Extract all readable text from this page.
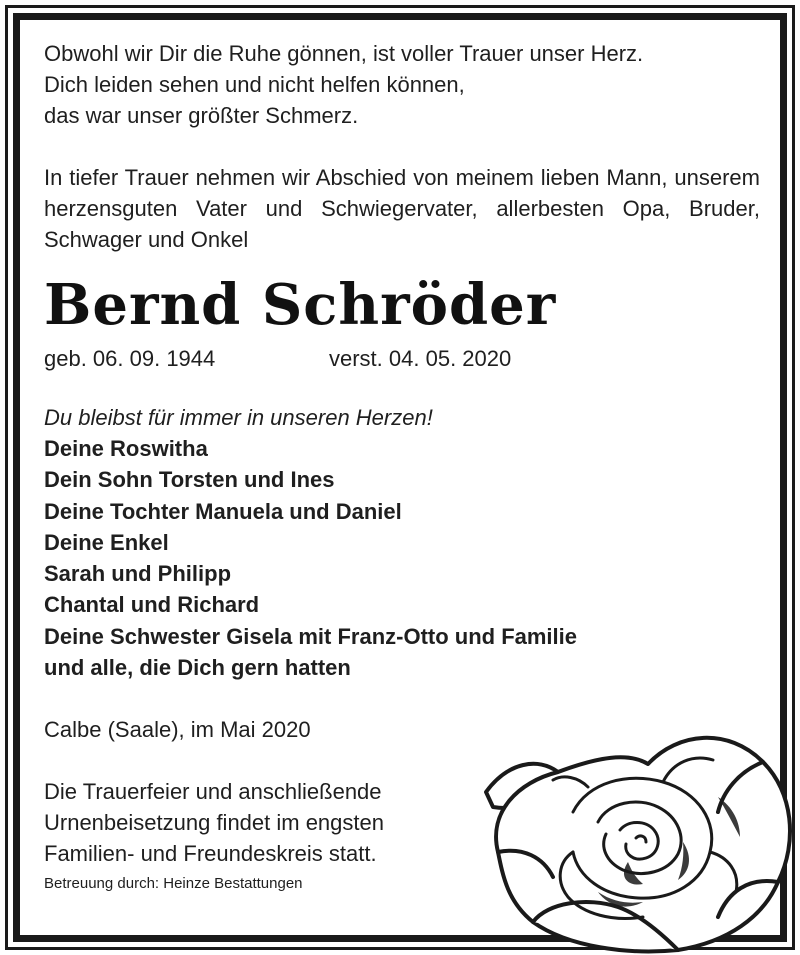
Obwohl wir Dir die Ruhe gönnen, ist voller Trauer unser Herz.
Dich leiden sehen und nicht helfen können,
das war unser größter Schmerz.

In tiefer Trauer nehmen wir Abschied von meinem lieben Mann, unserem herzensguten Vater und Schwiegervater, allerbesten Opa, Bruder, Schwager und Onkel

Bernd Schröder
geb. 06. 09. 1944	verst. 04. 05. 2020
Du bleibst für immer in unseren Herzen!
Deine Roswitha
Dein Sohn Torsten und Ines
Deine Tochter Manuela und Daniel
Deine Enkel
Sarah und Philipp
Chantal und Richard
Deine Schwester Gisela mit Franz-Otto und Familie
und alle, die Dich gern hatten
Calbe (Saale), im Mai 2020
Die Trauerfeier und anschließende
Urnenbeisetzung findet im engsten
Familien- und Freundeskreis statt.
Betreuung durch: Heinze Bestattungen
